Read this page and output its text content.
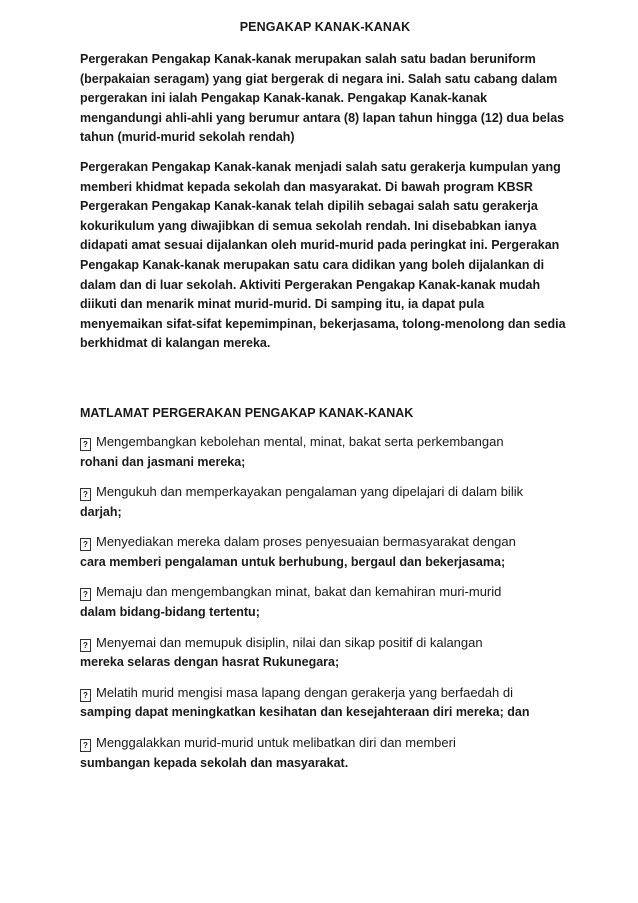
PENGAKAP KANAK-KANAK

Pergerakan Pengakap Kanak-kanak merupakan salah satu badan beruniform (berpakaian seragam) yang giat bergerak di negara ini. Salah satu cabang dalam pergerakan ini ialah Pengakap Kanak-kanak. Pengakap Kanak-kanak mengandungi ahli-ahli yang berumur antara (8) lapan tahun hingga (12) dua belas tahun (murid-murid sekolah rendah)

Pergerakan Pengakap Kanak-kanak menjadi salah satu gerakerja kumpulan yang memberi khidmat kepada sekolah dan masyarakat. Di bawah program KBSR Pergerakan Pengakap Kanak-kanak telah dipilih sebagai salah satu gerakerja kokurikulum yang diwajibkan di semua sekolah rendah. Ini disebabkan ianya didapati amat sesuai dijalankan oleh murid-murid pada peringkat ini. Pergerakan Pengakap Kanak-kanak merupakan satu cara didikan yang boleh dijalankan di dalam dan di luar sekolah. Aktiviti Pergerakan Pengakap Kanak-kanak mudah diikuti dan menarik minat murid-murid. Di samping itu, ia dapat pula menyemaikan sifat-sifat kepemimpinan, bekerjasama, tolong-menolong dan sedia berkhidmat di kalangan mereka.

MATLAMAT PERGERAKAN PENGAKAP KANAK-KANAK
? Mengembangkan kebolehan mental, minat, bakat serta perkembangan
rohani dan jasmani mereka;
? Mengukuh dan memperkayakan pengalaman yang dipelajari di dalam bilik
darjah;
? Menyediakan mereka dalam proses penyesuaian bermasyarakat dengan
cara memberi pengalaman untuk berhubung, bergaul dan bekerjasama;
? Memaju dan mengembangkan minat, bakat dan kemahiran muri-murid
dalam bidang-bidang tertentu;
? Menyemai dan memupuk disiplin, nilai dan sikap positif di kalangan
mereka selaras dengan hasrat Rukunegara;
? Melatih murid mengisi masa lapang dengan gerakerja yang berfaedah di
samping dapat meningkatkan kesihatan dan kesejahteraan diri mereka; dan
? Menggalakkan murid-murid untuk melibatkan diri dan memberi
sumbangan kepada sekolah dan masyarakat.
